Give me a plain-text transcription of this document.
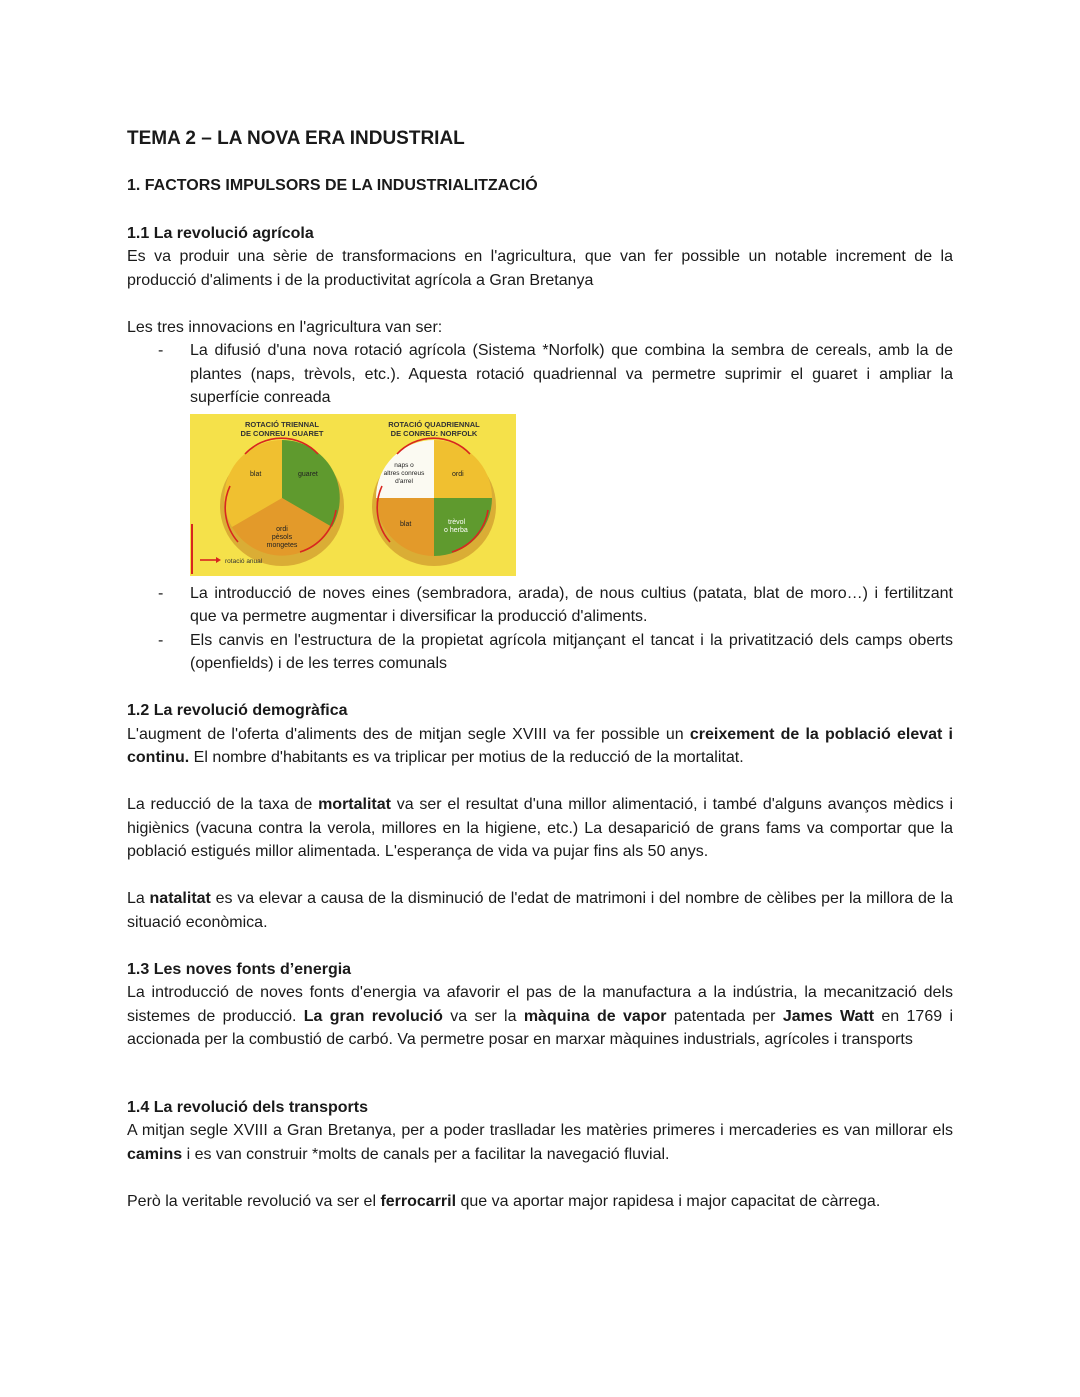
TEMA 2 – LA NOVA ERA INDUSTRIAL
1. FACTORS IMPULSORS DE LA INDUSTRIALITZACIÓ
1.1 La revolució agrícola

Es va produir una sèrie de transformacions en l'agricultura, que van fer possible un notable increment de la producció d'aliments i de la productivitat agrícola a Gran Bretanya

Les tres innovacions en l'agricultura van ser:

- La difusió d'una nova rotació agrícola (Sistema *Norfolk) que combina la sembra de cereals, amb la de plantes (naps, trèvols, etc.). Aquesta rotació quadriennal va permetre suprimir el guaret i ampliar la superfície conreada
ROTACIÓ TRIENNAL
DE CONREU I GUARET
ROTACIÓ QUADRIENNAL
DE CONREU: NORFOLK
blat	guaret
ordi
pèsols
mongetes
naps o
altres conreus
d'arrel
ordi
blat	trèvol
o herba
rotació anual
- La introducció de noves eines (sembradora, arada), de nous cultius (patata, blat de moro…) i fertilitzant que va permetre augmentar i diversificar la producció d'aliments.
- Els canvis en l'estructura de la propietat agrícola mitjançant el tancat i la privatització dels camps oberts (openfields) i de les terres comunals
1.2 La revolució demogràfica

L'augment de l'oferta d'aliments des de mitjan segle XVIII va fer possible un creixement de la població elevat i continu. El nombre d'habitants es va triplicar per motius de la reducció de la mortalitat.

La reducció de la taxa de mortalitat va ser el resultat d'una millor alimentació, i també d'alguns avanços mèdics i higiènics (vacuna contra la verola, millores en la higiene, etc.) La desaparició de grans fams va comportar que la població estigués millor alimentada. L'esperança de vida va pujar fins als 50 anys.

La natalitat es va elevar a causa de la disminució de l'edat de matrimoni i del nombre de cèlibes per la millora de la situació econòmica.

1.3 Les noves fonts d’energia

La introducció de noves fonts d'energia va afavorir el pas de la manufactura a la indústria, la mecanització dels sistemes de producció. La gran revolució va ser la màquina de vapor patentada per James Watt en 1769 i accionada per la combustió de carbó. Va permetre posar en marxar màquines industrials, agrícoles i transports

1.4 La revolució dels transports

A mitjan segle XVIII a Gran Bretanya, per a poder traslladar les matèries primeres i mercaderies es van millorar els camins i es van construir *molts de canals per a facilitar la navegació fluvial.

Però la veritable revolució va ser el ferrocarril que va aportar major rapidesa i major capacitat de càrrega.
